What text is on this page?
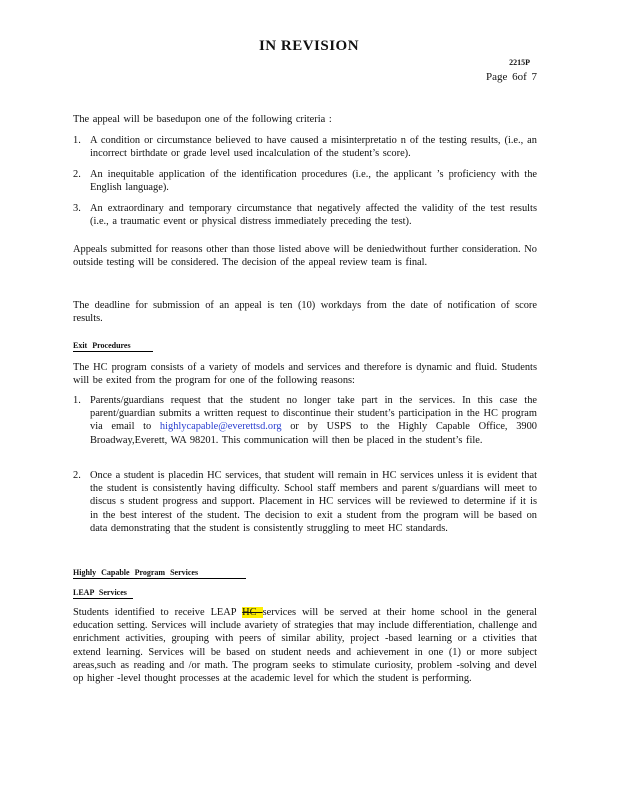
IN REVISION
2215P
Page 6of 7
The appeal will be basedupon one of the following criteria :
1. A condition or circumstance believed to have caused a misinterpretatio n of the testing results, (i.e., an incorrect birthdate or grade level used incalculation of the student’s score).
2. An inequitable application of the identification procedures (i.e., the applicant ’s proficiency with the English language).
3. An extraordinary and temporary circumstance that negatively affected the validity of the test results (i.e., a traumatic event or physical distress immediately preceding the test).
Appeals submitted for reasons other than those listed above will be deniedwithout further consideration. No outside testing will be considered. The decision of the appeal review team is final.
The deadline for submission of an appeal is ten (10) workdays from the date of notification of score results.
Exit Procedures
The HC program consists of a variety of models and services and therefore is dynamic and fluid. Students will be exited from the program for one of the following reasons:
1. Parents/guardians request that the student no longer take part in the services. In this case the parent/guardian submits a written request to discontinue their student’s participation in the HC program via email to highlycapable@everettsd.org or by USPS to the Highly Capable Office, 3900 Broadway,Everett, WA 98201. This communication will then be placed in the student’s file.
2. Once a student is placedin HC services, that student will remain in HC services unless it is evident that the student is consistently having difficulty. School staff members and parent s/guardians will meet to discus s student progress and support. Placement in HC services will be reviewed to determine if it is in the best interest of the student. The decision to exit a student from the program will be based on data demonstrating that the student is consistently struggling to meet HC standards.
Highly Capable Program Services
LEAP Services
Students identified to receive LEAP HC services will be served at their home school in the general education setting. Services will include avariety of strategies that may include differentiation, challenge and enrichment activities, grouping with peers of similar ability, project -based learning or a ctivities that extend learning. Services will be based on student needs and achievement in one (1) or more subject areas,such as reading and /or math. The program seeks to stimulate curiosity, problem -solving and devel op higher -level thought processes at the academic level for which the student is performing.
